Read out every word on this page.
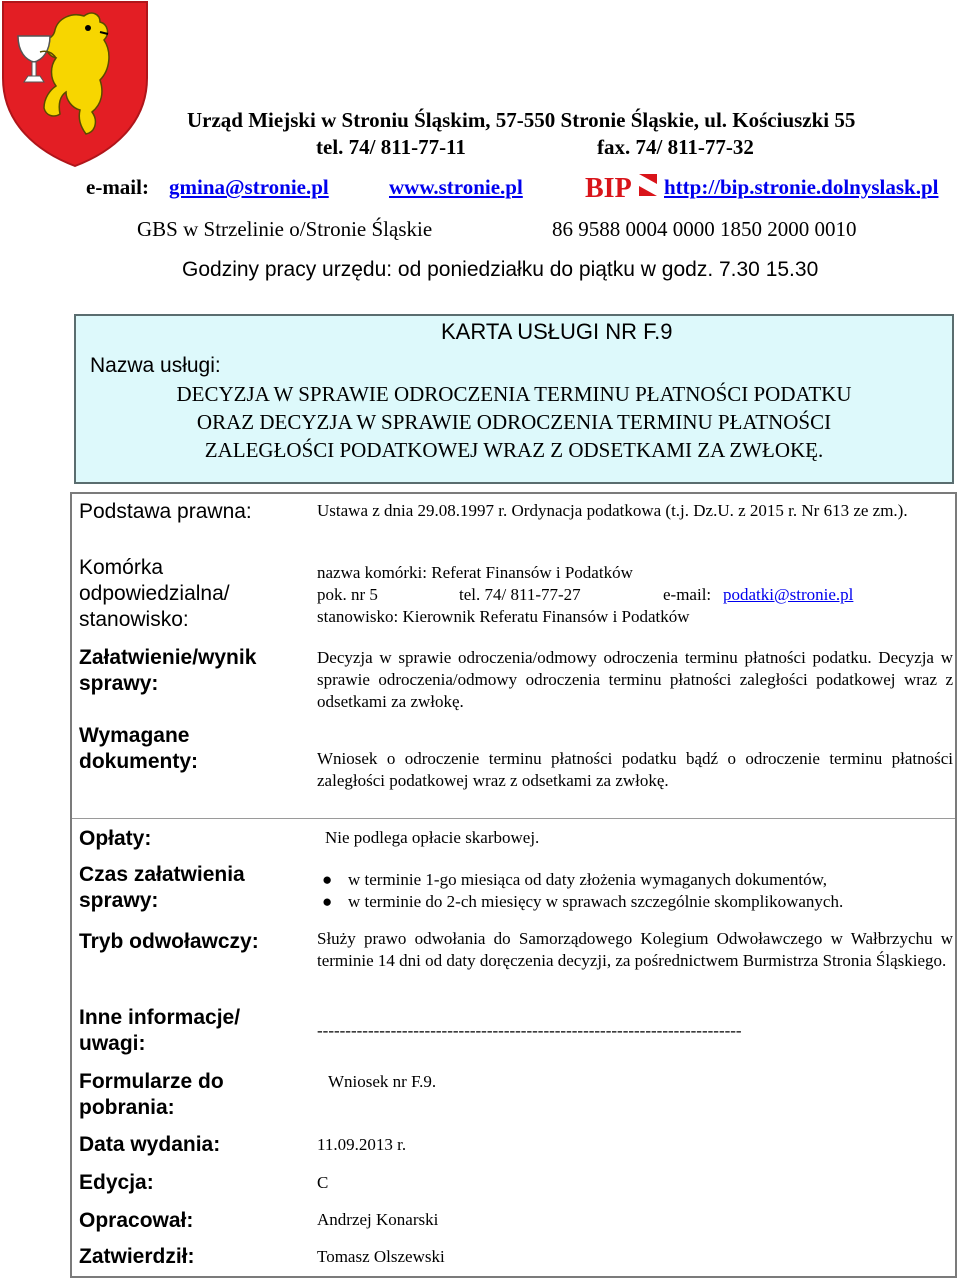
Urząd Miejski w Stroniu Śląskim, 57-550 Stronie Śląskie, ul. Kościuszki 55
tel. 74/ 811-77-11	fax. 74/ 811-77-32
e-mail: gmina@stronie.pl	www.stronie.pl BIP http://bip.stronie.dolnyslask.pl
GBS w Strzelinie o/Stronie Śląskie	86 9588 0004 0000 1850 2000 0010
Godziny pracy urzędu: od poniedziałku do piątku w godz. 7.30 15.30
KARTA USŁUGI NR F.9
Nazwa usługi:
DECYZJA W SPRAWIE ODROCZENIA TERMINU PŁATNOŚCI PODATKU
ORAZ DECYZJA W SPRAWIE ODROCZENIA TERMINU PŁATNOŚCI
ZALEGŁOŚCI PODATKOWEJ WRAZ Z ODSETKAMI ZA ZWŁOKĘ.
Podstawa prawna:	Ustawa z dnia 29.08.1997 r. Ordynacja podatkowa (t.j. Dz.U. z 2015 r. Nr 613 ze zm.).
Komórka
odpowiedzialna/
stanowisko:
nazwa komórki: Referat Finansów i Podatków
pok. nr 5	tel. 74/ 811-77-27	e-mail: podatki@stronie.pl
stanowisko: Kierownik Referatu Finansów i Podatków
Załatwienie/wynik
sprawy:
Decyzja w sprawie odroczenia/odmowy odroczenia terminu płatności podatku. Decyzja w sprawie odroczenia/odmowy odroczenia terminu płatności zaległości podatkowej wraz z odsetkami za zwłokę.
Wymagane
dokumenty:	Wniosek o odroczenie terminu płatności podatku bądź o odroczenie terminu płatności zaległości podatkowej wraz z odsetkami za zwłokę.
Opłaty:	Nie podlega opłacie skarbowej.
Czas załatwienia
sprawy:
● w terminie 1-go miesiąca od daty złożenia wymaganych dokumentów,
● w terminie do 2-ch miesięcy w sprawach szczególnie skomplikowanych.
Tryb odwoławczy:	Służy prawo odwołania do Samorządowego Kolegium Odwoławczego w Wałbrzychu w terminie 14 dni od daty doręczenia decyzji, za pośrednictwem Burmistrza Stronia Śląskiego.
Inne informacje/
uwagi:
---------------------------------------------------------------------------
Formularze do
pobrania:
Wniosek nr F.9.
Data wydania:	11.09.2013 r.
Edycja:	C
Opracował:	Andrzej Konarski
Zatwierdził:	Tomasz Olszewski
